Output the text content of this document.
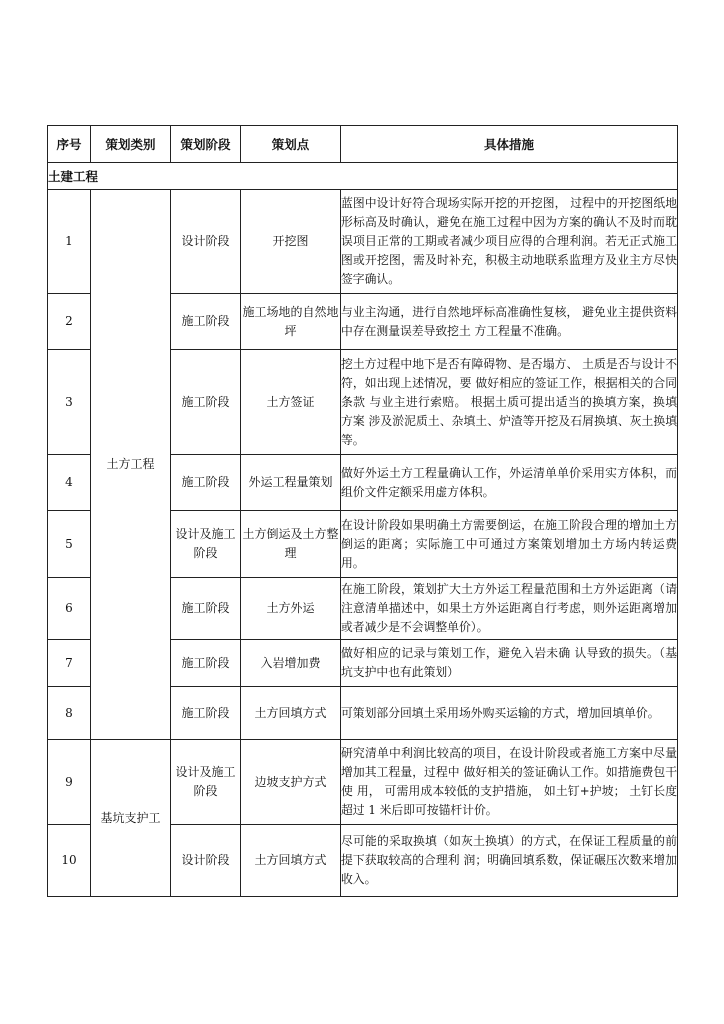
序号	策划类别	策划阶段	策划点	具体措施
土建工程				
1	土方工程	设计阶段	开挖图	蓝图中设计好符合现场实际开挖的开挖图， 过程中的开挖图纸地形标高及时确认，避免在施工过程中因为方案的确认不及时而耽误项目正常的工期或者减少项目应得的合理利润。若无正式施工图或开挖图，需及时补充，积极主动地联系监理方及业主方尽快签字确认。
2		施工阶段	施工场地的自然地坪	与业主沟通，进行自然地坪标高准确性复核， 避免业主提供资料中存在测量误差导致挖土 方工程量不准确。
3		施工阶段	土方签证	挖土方过程中地下是否有障碍物、是否塌方、 土质是否与设计不符，如出现上述情况，要 做好相应的签证工作，根据相关的合同条款 与业主进行索赔。 根据土质可提出适当的换填方案，换填方案 涉及淤泥质土、杂填土、炉渣等开挖及石屑换填、灰土换填等。
4		施工阶段	外运工程量策划	做好外运土方工程量确认工作，外运清单单价采用实方体积，而组价文件定额采用虚方体积。
5		设计及施工阶段	土方倒运及土方整理	在设计阶段如果明确土方需要倒运，在施工阶段合理的增加土方倒运的距离；实际施工中可通过方案策划增加土方场内转运费用。
6		施工阶段	土方外运	在施工阶段，策划扩大土方外运工程量范围和土方外运距离（请注意清单描述中，如果土方外运距离自行考虑，则外运距离增加或者减少是不会调整单价）。
7		施工阶段	入岩增加费	做好相应的记录与策划工作，避免入岩未确 认导致的损失。（基坑支护中也有此策划）
8		施工阶段	土方回填方式	可策划部分回填土采用场外购买运输的方式，增加回填单价。
9	基坑支护工	设计及施工阶段	边坡支护方式	研究清单中利润比较高的项目，在设计阶段或者施工方案中尽量增加其工程量，过程中 做好相关的签证确认工作。如措施费包干使 用， 可需用成本较低的支护措施， 如土钉+护坡； 土钉长度超过 1 米后即可按锚杆计价。
10		设计阶段	土方回填方式	尽可能的采取换填（如灰土换填）的方式，在保证工程质量的前提下获取较高的合理利 润；明确回填系数，保证碾压次数来增加收入。
